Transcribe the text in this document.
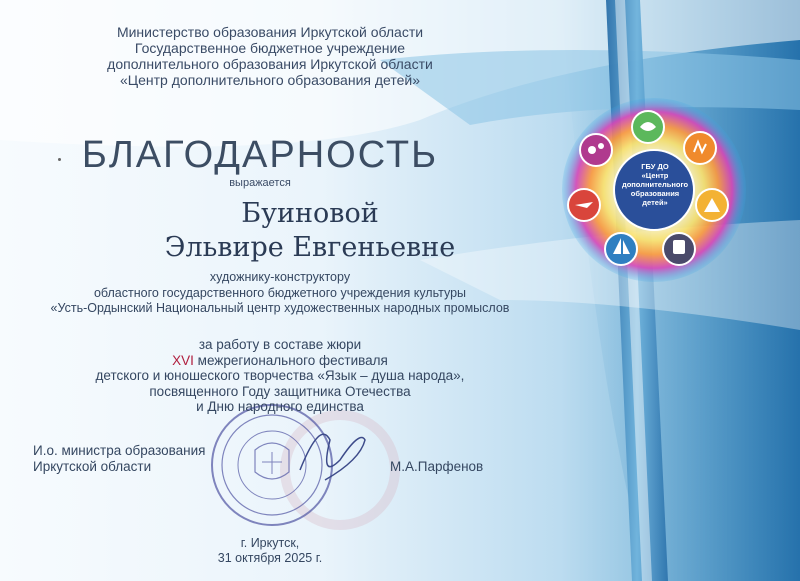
Министерство образования Иркутской области
Государственное бюджетное учреждение
дополнительного образования Иркутской области
«Центр дополнительного образования детей»
БЛАГОДАРНОСТЬ
выражается
Буиновой
Эльвире Евгеньевне
художнику-конструктору
областного государственного бюджетного учреждения культуры
«Усть-Ордынский Национальный центр художественных народных промыслов
за работу в составе жюри
XVI межрегионального фестиваля
детского и юношеского творчества «Язык – душа народа»,
посвященного Году защитника Отечества
и Дню народного единства
И.о. министра образования
Иркутской области	М.А.Парфенов
г. Иркутск,
31 октября 2025 г.
ГБУ ДО
«Центр
дополнительного
образования
детей»
